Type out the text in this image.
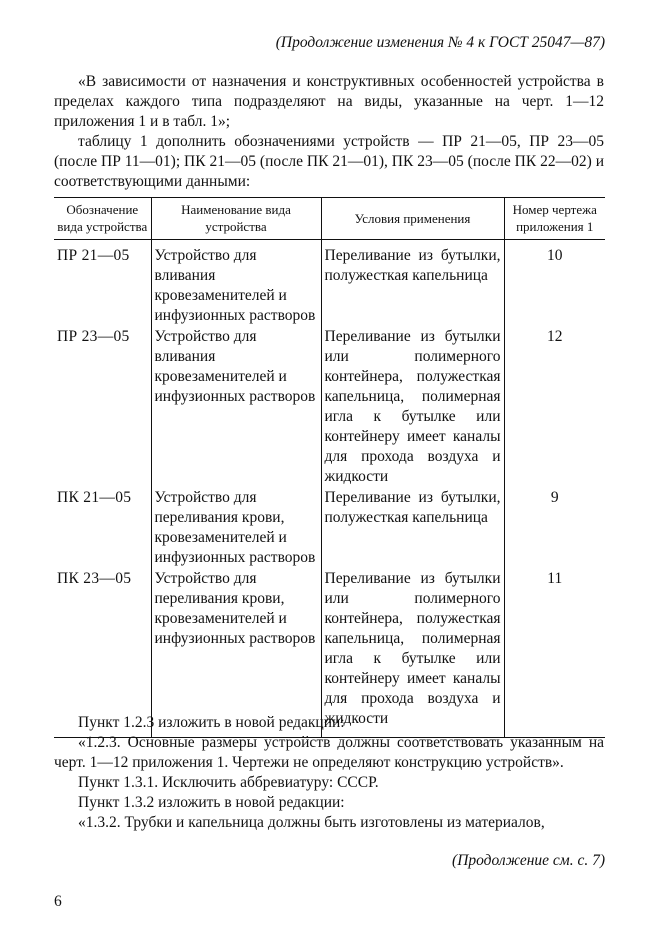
(Продолжение изменения № 4 к ГОСТ 25047—87)
«В зависимости от назначения и конструктивных особенностей устройства в пределах каждого типа подразделяют на виды, указанные на черт. 1—12 приложения 1 и в табл. 1»;
таблицу 1 дополнить обозначениями устройств — ПР 21—05, ПР 23—05 (после ПР 11—01); ПК 21—05 (после ПК 21—01), ПК 23—05 (после ПК 22—02) и соответствующими данными:
Обозначение вида устройства	Наименование вида устройства	Условия применения	Номер чертежа приложения 1
ПР 21—05	Устройство для вливания кровезаменителей и инфузионных растворов	Переливание из бутылки, полужесткая капельница	10
ПР 23—05	Устройство для вливания кровезаменителей и инфузионных растворов	Переливание из бутылки или полимерного контейнера, полужесткая капельница, полимерная игла к бутылке или контейнеру имеет каналы для прохода воздуха и жидкости	12
ПК 21—05	Устройство для переливания крови, кровезаменителей и инфузионных растворов	Переливание из бутылки, полужесткая капельница	9
ПК 23—05	Устройство для переливания крови, кровезаменителей и инфузионных растворов	Переливание из бутылки или полимерного контейнера, полужесткая капельница, полимерная игла к бутылке или контейнеру имеет каналы для прохода воздуха и жидкости	11
Пункт 1.2.3 изложить в новой редакции:
«1.2.3. Основные размеры устройств должны соответствовать указанным на черт. 1—12 приложения 1. Чертежи не определяют конструкцию устройств».
Пункт 1.3.1. Исключить аббревиатуру: СССР.
Пункт 1.3.2 изложить в новой редакции:
«1.3.2. Трубки и капельница должны быть изготовлены из материалов,
(Продолжение см. с. 7)
6
